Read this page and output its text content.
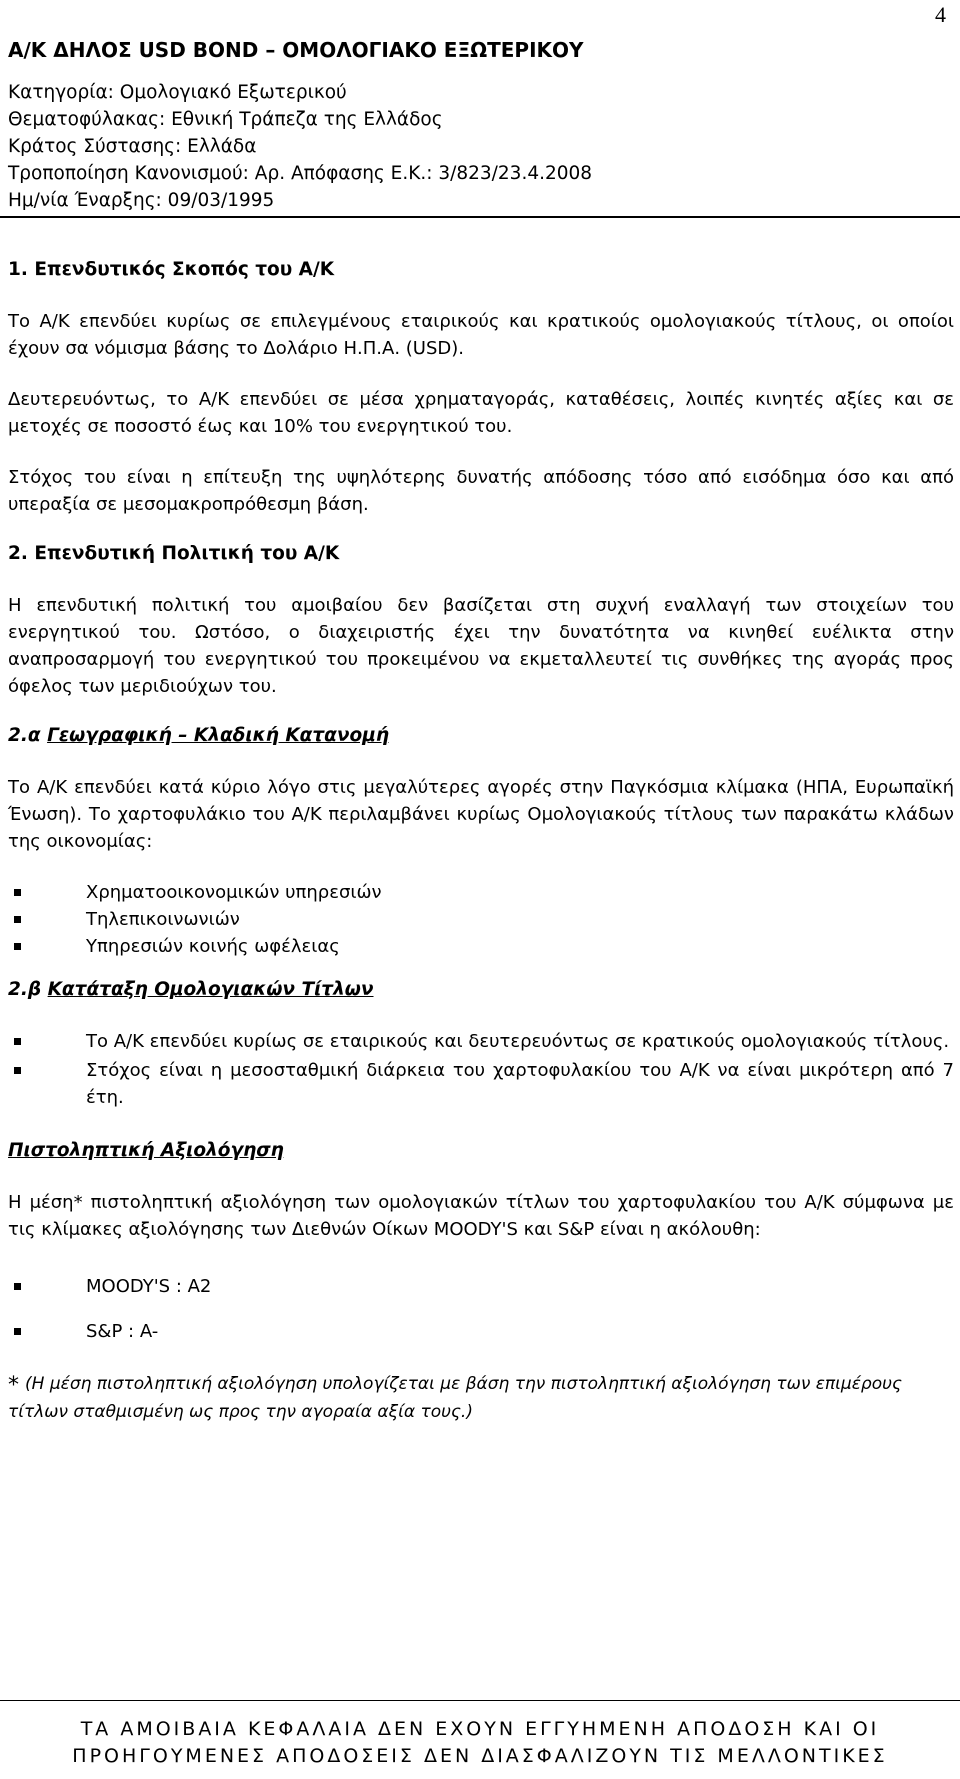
4
Α/Κ ΔΗΛΟΣ USD BOND – ΟΜΟΛΟΓΙΑΚΟ ΕΞΩΤΕΡΙΚΟΥ

Κατηγορία: Ομολογιακό Εξωτερικού

Θεματοφύλακας: Εθνική Τράπεζα της Ελλάδος

Κράτος Σύστασης: Ελλάδα

Τροποποίηση Κανονισμού: Αρ. Απόφασης Ε.Κ.: 3/823/23.4.2008

Ημ/νία Έναρξης: 09/03/1995

1. Επενδυτικός Σκοπός του Α/Κ

Το Α/Κ επενδύει κυρίως σε επιλεγμένους εταιρικούς και κρατικούς ομολογιακούς τίτλους, οι οποίοι έχουν σα νόμισμα βάσης το Δολάριο Η.Π.Α. (USD).

Δευτερευόντως, το Α/Κ επενδύει σε μέσα χρηματαγοράς, καταθέσεις, λοιπές κινητές αξίες και σε μετοχές σε ποσοστό έως και 10% του ενεργητικού του.

Στόχος του είναι η επίτευξη της υψηλότερης δυνατής απόδοσης τόσο από εισόδημα όσο και από υπεραξία σε μεσομακροπρόθεσμη βάση.

2. Επενδυτική Πολιτική του Α/Κ

Η επενδυτική πολιτική του αμοιβαίου δεν βασίζεται στη συχνή εναλλαγή των στοιχείων του ενεργητικού του. Ωστόσο, ο διαχειριστής έχει την δυνατότητα να κινηθεί ευέλικτα στην αναπροσαρμογή του ενεργητικού του προκειμένου να εκμεταλλευτεί τις συνθήκες της αγοράς προς όφελος των μεριδιούχων του.

2.α Γεωγραφική – Κλαδική Κατανομή

Το Α/Κ επενδύει κατά κύριο λόγο στις μεγαλύτερες αγορές στην Παγκόσμια κλίμακα (ΗΠΑ, Ευρωπαϊκή Ένωση). Το χαρτοφυλάκιο του Α/Κ περιλαμβάνει κυρίως Ομολογιακούς τίτλους των παρακάτω κλάδων της οικονομίας:

Χρηματοοικονομικών υπηρεσιών
Τηλεπικοινωνιών
Υπηρεσιών κοινής ωφέλειας
2.β Κατάταξη Ομολογιακών Τίτλων
Το Α/Κ επενδύει κυρίως σε εταιρικούς και δευτερευόντως σε κρατικούς ομολογιακούς τίτλους.
Στόχος είναι η μεσοσταθμική διάρκεια του χαρτοφυλακίου του Α/Κ να είναι μικρότερη από 7 έτη.
Πιστοληπτική Αξιολόγηση

Η μέση* πιστοληπτική αξιολόγηση των ομολογιακών τίτλων του χαρτοφυλακίου του Α/Κ σύμφωνα με τις κλίμακες αξιολόγησης των Διεθνών Οίκων MOODY'S και S&P είναι η ακόλουθη:

MOODY'S : A2
S&P : A-

* (Η μέση πιστοληπτική αξιολόγηση υπολογίζεται με βάση την πιστοληπτική αξιολόγηση των επιμέρους τίτλων σταθμισμένη ως προς την αγοραία αξία τους.)

ΤΑ ΑΜΟΙΒΑΙΑ ΚΕΦΑΛΑΙΑ ΔΕΝ ΕΧΟΥΝ ΕΓΓΥΗΜΕΝΗ ΑΠΟΔΟΣΗ ΚΑΙ ΟΙ
ΠΡΟΗΓΟΥΜΕΝΕΣ ΑΠΟΔΟΣΕΙΣ ΔΕΝ ΔΙΑΣΦΑΛΙΖΟΥΝ ΤΙΣ ΜΕΛΛΟΝΤΙΚΕΣ
